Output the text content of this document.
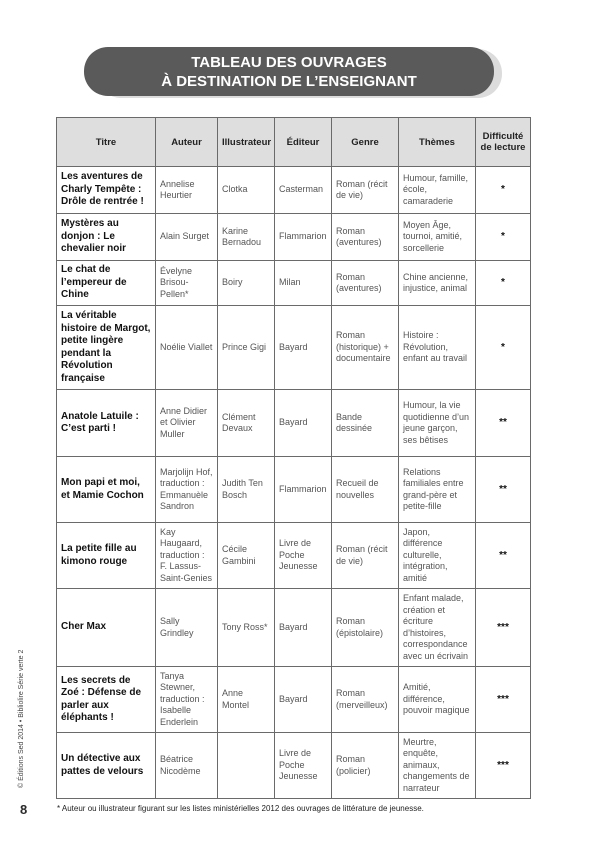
TABLEAU DES OUVRAGES
À DESTINATION DE L’ENSEIGNANT
Titre	Auteur	Illustrateur	Éditeur	Genre	Thèmes	Difficulté de lecture
Les aventures de Charly Tempête : Drôle de rentrée !	Annelise Heurtier	Clotka	Casterman	Roman (récit de vie)	Humour, famille, école, camaraderie	*
Mystères au donjon : Le chevalier noir	Alain Surget	Karine Bernadou	Flammarion	Roman (aventures)	Moyen Âge, tournoi, amitié, sorcellerie	*
Le chat de l’empereur de Chine	Évelyne Brisou-Pellen*	Boiry	Milan	Roman (aventures)	Chine ancienne, injustice, animal	*
La véritable histoire de Margot, petite lingère pendant la Révolution française	Noélie Viallet	Prince Gigi	Bayard	Roman (historique) + documentaire	Histoire : Révolution, enfant au travail	*
Anatole Latuile : C’est parti !	Anne Didier et Olivier Muller	Clément Devaux	Bayard	Bande dessinée	Humour, la vie quotidienne d’un jeune garçon, ses bêtises	**
Mon papi et moi, et Mamie Cochon	Marjolijn Hof, traduction : Emmanuèle Sandron	Judith Ten Bosch	Flammarion	Recueil de nouvelles	Relations familiales entre grand-père et petite-fille	**
La petite fille au kimono rouge	Kay Haugaard, traduction : F. Lassus-Saint-Genies	Cécile Gambini	Livre de Poche Jeunesse	Roman (récit de vie)	Japon, différence culturelle, intégration, amitié	**
Cher Max	Sally Grindley	Tony Ross*	Bayard	Roman (épistolaire)	Enfant malade, création et écriture d’histoires, correspondance avec un écrivain	***
Les secrets de Zoé : Défense de parler aux éléphants !	Tanya Stewner, traduction : Isabelle Enderlein	Anne Montel	Bayard	Roman (merveilleux)	Amitié, différence, pouvoir magique	***
Un détective aux pattes de velours	Béatrice Nicodème		Livre de Poche Jeunesse	Roman (policier)	Meurtre, enquête, animaux, changements de narrateur	***
© Éditions Sed 2014 • Bibliolire Série verte 2
8	* Auteur ou illustrateur figurant sur les listes ministérielles 2012 des ouvrages de littérature de jeunesse.
